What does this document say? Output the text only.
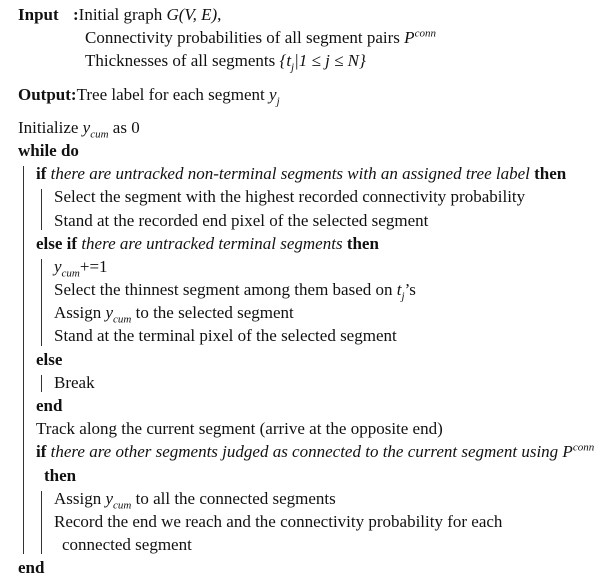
Input :Initial graph G(V, E),
Connectivity probabilities of all segment pairs $P^{conn}$
Thicknesses of all segments $\{t_j|1 \le j \le N\}$
Output:Tree label for each segment $y_j$
Initialize $y_{cum}$ as 0
while do
if there are untracked non-terminal segments with an assigned tree label then
Select the segment with the highest recorded connectivity probability
Stand at the recorded end pixel of the selected segment
else if there are untracked terminal segments then
$y_{cum}+=1$
Select the thinnest segment among them based on $t_j’s$
Assign $y_{cum}$ to the selected segment
Stand at the terminal pixel of the selected segment
else
Break
end
Track along the current segment (arrive at the opposite end)
if there are other segments judged as connected to the current segment using $P^{conn}$
then
Assign $y_{cum}$ to all the connected segments
Record the end we reach and the connectivity probability for each
connected segment
end
